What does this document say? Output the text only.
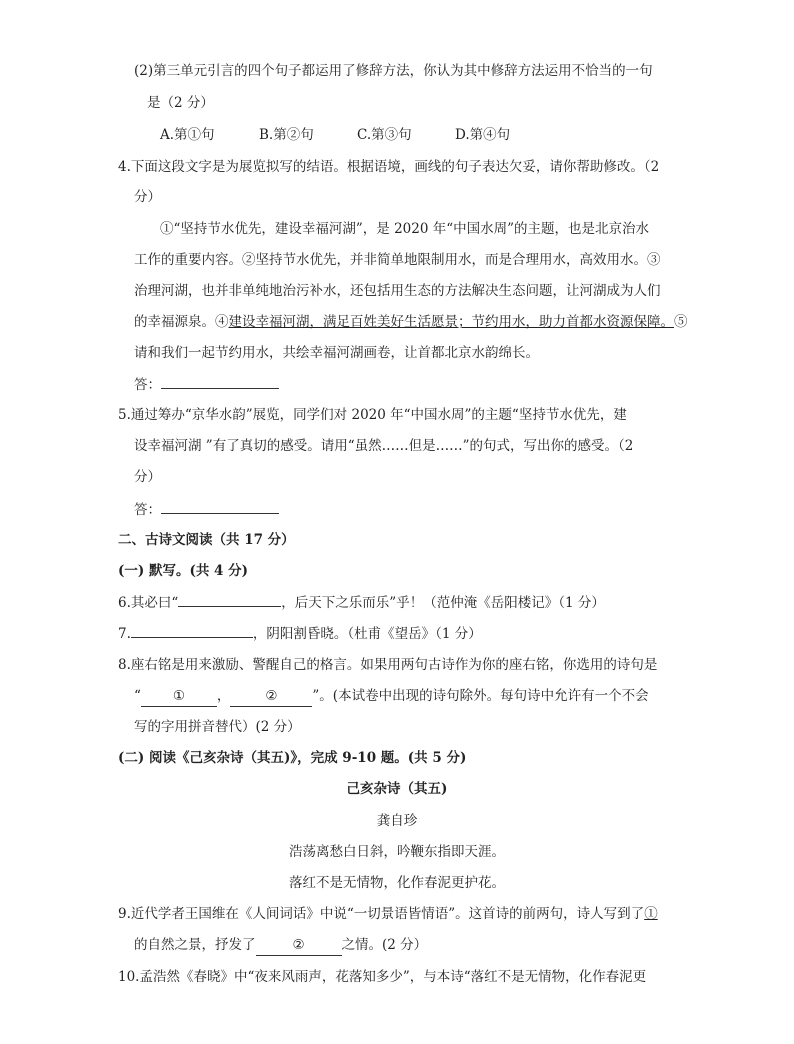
(2)第三单元引言的四个句子都运用了修辞方法，你认为其中修辞方法运用不恰当的一句
是（2 分）
A.第①句	B.第②句	C.第③句	D.第④句
4.下面这段文字是为展览拟写的结语。根据语境，画线的句子表达欠妥，请你帮助修改。（2
分）
①“坚持节水优先，建设幸福河湖”，是 2020 年“中国水周”的主题，也是北京治水
工作的重要内容。②坚持节水优先，并非简单地限制用水，而是合理用水，高效用水。③
治理河湖，也并非单纯地治污补水，还包括用生态的方法解决生态问题，让河湖成为人们
的幸福源泉。④建设幸福河湖，满足百姓美好生活愿景；节约用水，助力首都水资源保障。⑤
请和我们一起节约用水，共绘幸福河湖画卷，让首都北京水韵绵长。
答：
5.通过筹办“京华水韵”展览，同学们对 2020 年“中国水周”的主题“坚持节水优先，建
设幸福河湖 ”有了真切的感受。请用“虽然……但是……”的句式，写出你的感受。（2
分）
答：
二、古诗文阅读（共 17 分）
(一) 默写。(共 4 分)
6.其必曰“	，后天下之乐而乐”乎！（范仲淹《岳阳楼记》（1 分）
7.	，阴阳割昏晓。（杜甫《望岳》（1 分）
8.座右铭是用来激励、警醒自己的格言。如果用两句古诗作为你的座右铭，你选用的诗句是
“ ① ，	②	”。(本试卷中出现的诗句除外。每句诗中允许有一个不会
写的字用拼音替代）(2 分）
(二) 阅读《己亥杂诗（其五)》，完成 9-10 题。(共 5 分)
己亥杂诗（其五)
龚自珍
浩荡离愁白日斜，吟鞭东指即天涯。
落红不是无情物，化作春泥更护花。
9.近代学者王国维在《人间词话》中说“一切景语皆情语”。这首诗的前两句，诗人写到了①
的自然之景，抒发了	②	之情。(2 分）
10.孟浩然《春晓》中“夜来风雨声，花落知多少”，与本诗“落红不是无情物，化作春泥更
